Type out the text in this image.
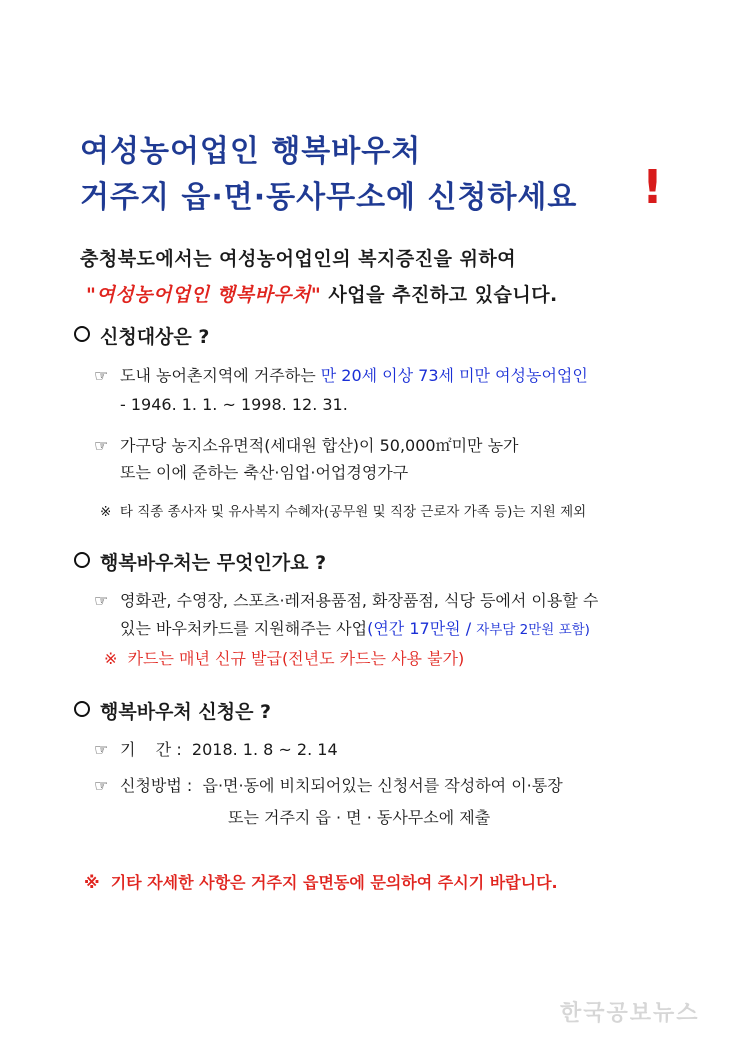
여성농어업인 행복바우처
거주지 읍·면·동사무소에 신청하세요 !
충청북도에서는 여성농어업인의 복지증진을 위하여
"여성농어업인 행복바우처" 사업을 추진하고 있습니다.
신청대상은 ?
☞ 도내 농어촌지역에 거주하는 만 20세 이상 73세 미만 여성농어업인
- 1946. 1. 1. ~ 1998. 12. 31.
☞ 가구당 농지소유면적(세대원 합산)이 50,000㎡미만 농가
또는 이에 준하는 축산·임업·어업경영가구
※ 타 직종 종사자 및 유사복지 수혜자(공무원 및 직장 근로자 가족 등)는 지원 제외
행복바우처는 무엇인가요 ?
☞ 영화관, 수영장, 스포츠·레저용품점, 화장품점, 식당 등에서 이용할 수
있는 바우처카드를 지원해주는 사업(연간 17만원 / 자부담 2만원 포함)
※ 카드는 매년 신규 발급(전년도 카드는 사용 불가)
행복바우처 신청은 ?
☞ 기    간 : 2018. 1. 8 ~ 2. 14
☞ 신청방법 : 읍·면·동에 비치되어있는 신청서를 작성하여 이·통장
또는 거주지 읍 · 면 · 동사무소에 제출
※ 기타 자세한 사항은 거주지 읍면동에 문의하여 주시기 바랍니다.
한국공보뉴스
